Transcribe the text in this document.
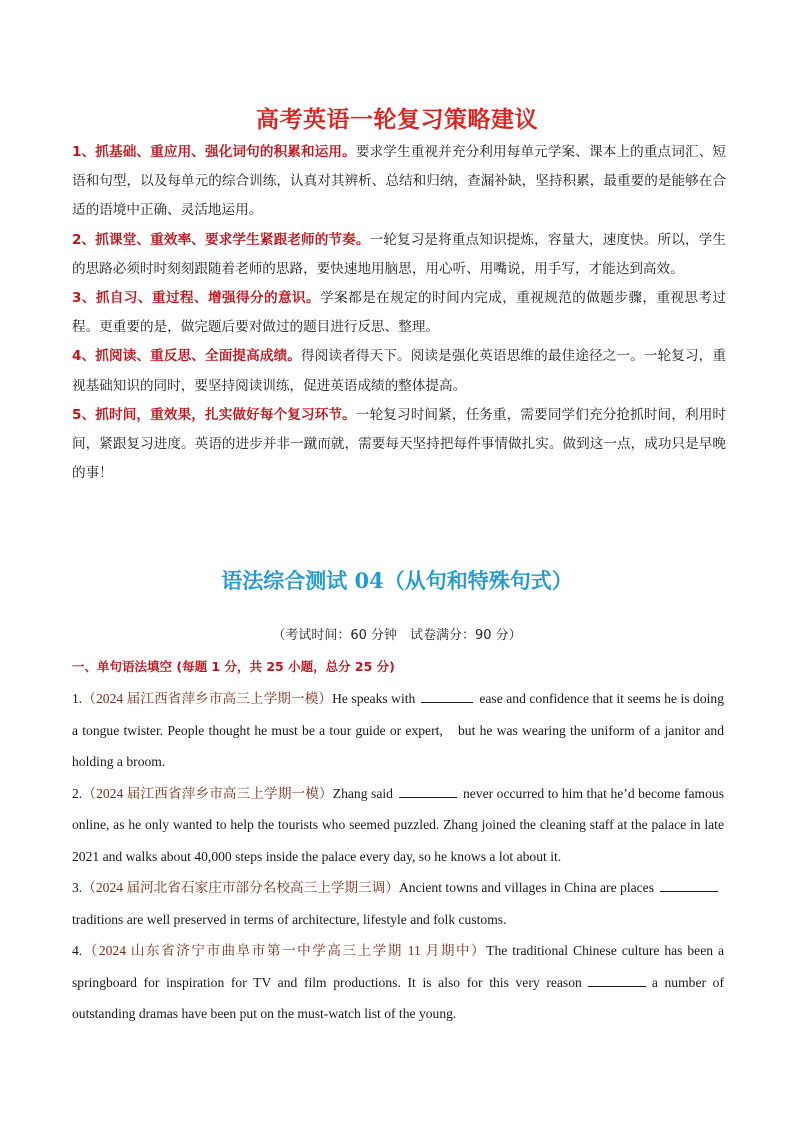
高考英语一轮复习策略建议

1、抓基础、重应用、强化词句的积累和运用。要求学生重视并充分利用每单元学案、课本上的重点词汇、短语和句型，以及每单元的综合训练，认真对其辨析、总结和归纳，查漏补缺，坚持积累，最重要的是能够在合适的语境中正确、灵活地运用。

2、抓课堂、重效率、要求学生紧跟老师的节奏。一轮复习是将重点知识提炼，容量大，速度快。所以，学生的思路必须时时刻刻跟随着老师的思路，要快速地用脑思，用心听、用嘴说，用手写，才能达到高效。

3、抓自习、重过程、增强得分的意识。学案都是在规定的时间内完成，重视规范的做题步骤，重视思考过程。更重要的是，做完题后要对做过的题目进行反思、整理。

4、抓阅读、重反思、全面提高成绩。得阅读者得天下。阅读是强化英语思维的最佳途径之一。一轮复习，重视基础知识的同时，要坚持阅读训练，促进英语成绩的整体提高。

5、抓时间，重效果，扎实做好每个复习环节。一轮复习时间紧，任务重，需要同学们充分抢抓时间，利用时间，紧跟复习进度。英语的进步并非一蹴而就，需要每天坚持把每件事情做扎实。做到这一点，成功只是早晚的事！

语法综合测试 04（从句和特殊句式）
（考试时间：60 分钟　试卷满分：90 分）
一、单句语法填空 (每题 1 分，共 25 小题，总分 25 分)

1.（2024 届江西省萍乡市高三上学期一模）He speaks with	ease and confidence that it seems he is doing a tongue twister. People thought he must be a tour guide or expert,　but he was wearing the uniform of a janitor and holding a broom.

2.（2024 届江西省萍乡市高三上学期一模）Zhang said	never occurred to him that he’d become famous online, as he only wanted to help the tourists who seemed puzzled. Zhang joined the cleaning staff at the palace in late 2021 and walks about 40,000 steps inside the palace every day, so he knows a lot about it.

3.（2024 届河北省石家庄市部分名校高三上学期三调）Ancient towns and villages in China are placestraditions are well preserved in terms of architecture, lifestyle and folk customs.

4.（2024 山东省济宁市曲阜市第一中学高三上学期 11 月期中）The traditional Chinese culture has been a springboard for inspiration for TV and film productions. It is also for this very reason	a number of outstanding dramas have been put on the must-watch list of the young.
